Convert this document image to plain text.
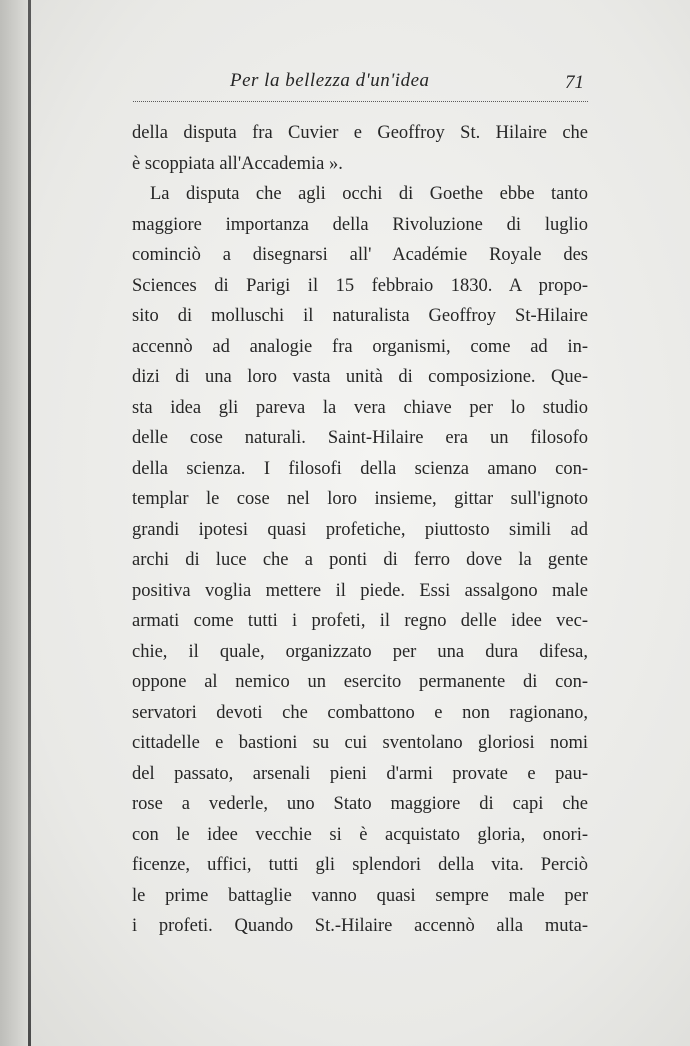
Per la bellezza d'un'idea	71
della disputa fra Cuvier e Geoffroy St. Hilaire che
è scoppiata all'Accademia ».
La disputa che agli occhi di Goethe ebbe tanto
maggiore importanza della Rivoluzione di luglio
cominciò a disegnarsi all' Académie Royale des
Sciences di Parigi il 15 febbraio 1830. A propo-
sito di molluschi il naturalista Geoffroy St-Hilaire
accennò ad analogie fra organismi, come ad in-
dizi di una loro vasta unità di composizione. Que-
sta idea gli pareva la vera chiave per lo studio
delle cose naturali. Saint-Hilaire era un filosofo
della scienza. I filosofi della scienza amano con-
templar le cose nel loro insieme, gittar sull'ignoto
grandi ipotesi quasi profetiche, piuttosto simili ad
archi di luce che a ponti di ferro dove la gente
positiva voglia mettere il piede. Essi assalgono male
armati come tutti i profeti, il regno delle idee vec-
chie, il quale, organizzato per una dura difesa,
oppone al nemico un esercito permanente di con-
servatori devoti che combattono e non ragionano,
cittadelle e bastioni su cui sventolano gloriosi nomi
del passato, arsenali pieni d'armi provate e pau-
rose a vederle, uno Stato maggiore di capi che
con le idee vecchie si è acquistato gloria, onori-
ficenze, uffici, tutti gli splendori della vita. Perciò
le prime battaglie vanno quasi sempre male per
i profeti. Quando St.-Hilaire accennò alla muta-
